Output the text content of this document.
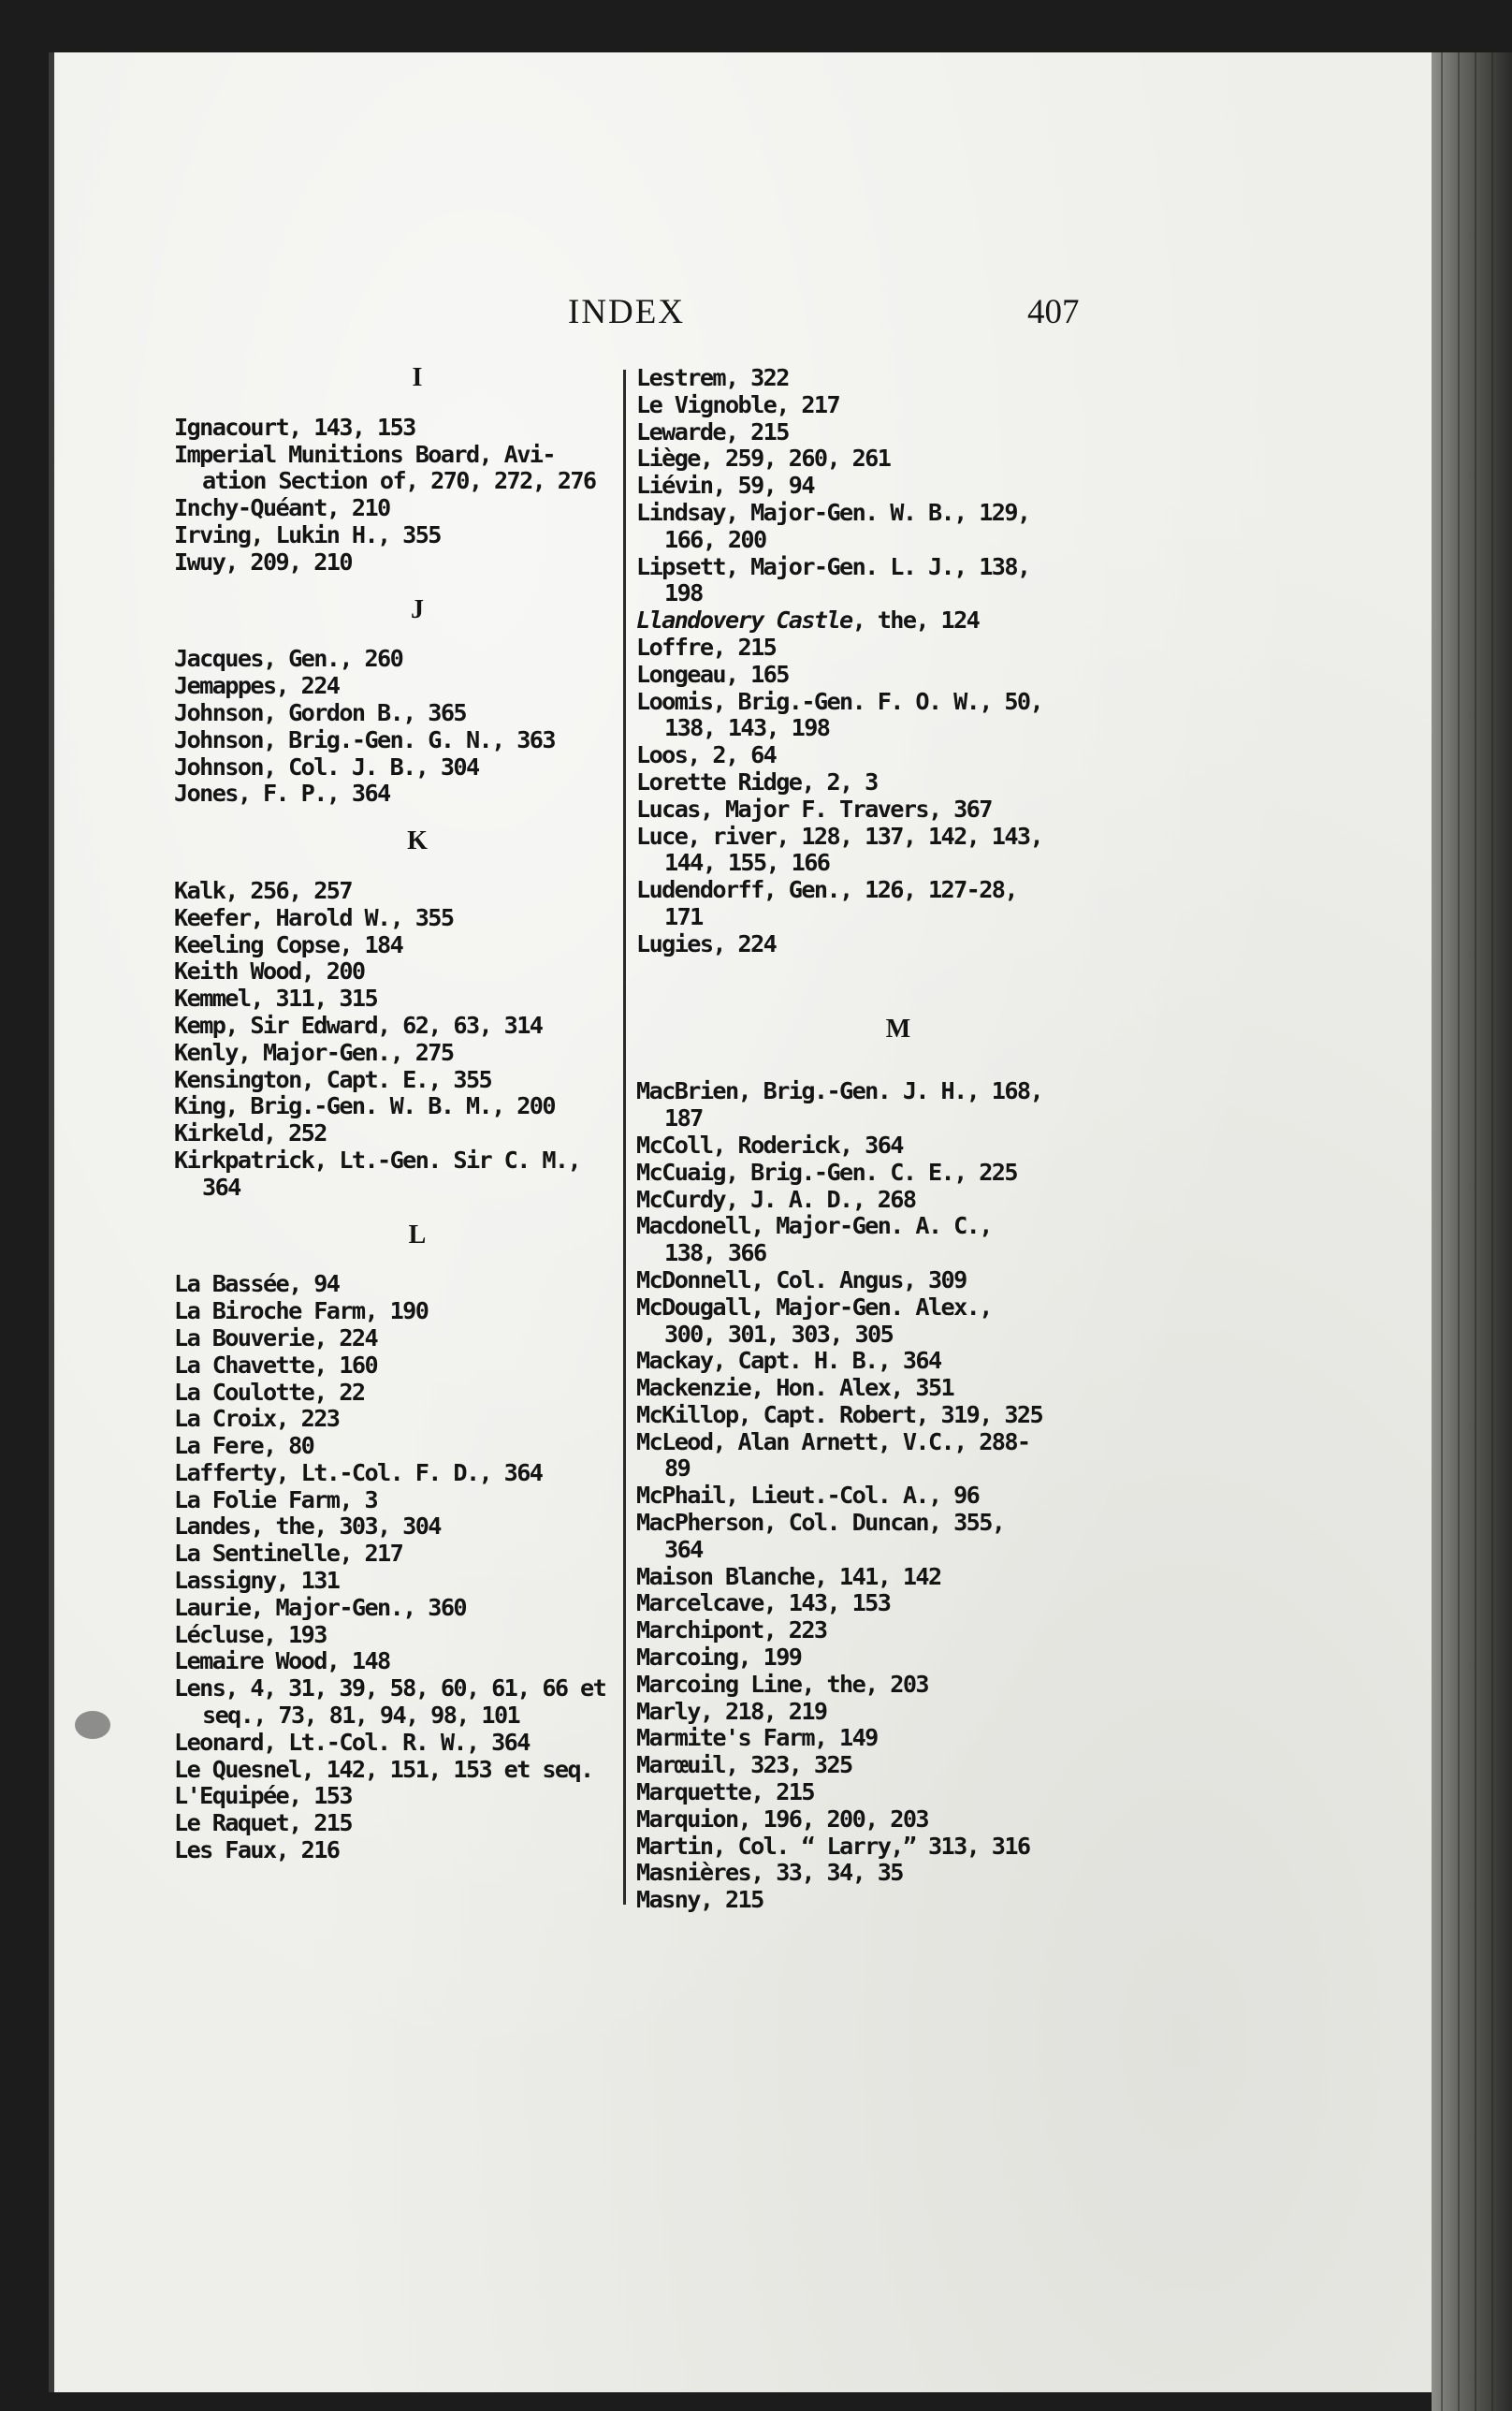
INDEX	407
I
Ignacourt, 143, 153
Imperial Munitions Board, Avi-
ation Section of, 270, 272, 276
Inchy-Quéant, 210
Irving, Lukin H., 355
Iwuy, 209, 210
J
Jacques, Gen., 260
Jemappes, 224
Johnson, Gordon B., 365
Johnson, Brig.-Gen. G. N., 363
Johnson, Col. J. B., 304
Jones, F. P., 364
K
Kalk, 256, 257
Keefer, Harold W., 355
Keeling Copse, 184
Keith Wood, 200
Kemmel, 311, 315
Kemp, Sir Edward, 62, 63, 314
Kenly, Major-Gen., 275
Kensington, Capt. E., 355
King, Brig.-Gen. W. B. M., 200
Kirkeld, 252
Kirkpatrick, Lt.-Gen. Sir C. M.,
364
L
La Bassée, 94
La Biroche Farm, 190
La Bouverie, 224
La Chavette, 160
La Coulotte, 22
La Croix, 223
La Fere, 80
Lafferty, Lt.-Col. F. D., 364
La Folie Farm, 3
Landes, the, 303, 304
La Sentinelle, 217
Lassigny, 131
Laurie, Major-Gen., 360
Lécluse, 193
Lemaire Wood, 148
Lens, 4, 31, 39, 58, 60, 61, 66 et
seq., 73, 81, 94, 98, 101
Leonard, Lt.-Col. R. W., 364
Le Quesnel, 142, 151, 153 et seq.
L'Equipée, 153
Le Raquet, 215
Les Faux, 216
Lestrem, 322
Le Vignoble, 217
Lewarde, 215
Liège, 259, 260, 261
Liévin, 59, 94
Lindsay, Major-Gen. W. B., 129,
166, 200
Lipsett, Major-Gen. L. J., 138,
198
Llandovery Castle, the, 124
Loffre, 215
Longeau, 165
Loomis, Brig.-Gen. F. O. W., 50,
138, 143, 198
Loos, 2, 64
Lorette Ridge, 2, 3
Lucas, Major F. Travers, 367
Luce, river, 128, 137, 142, 143,
144, 155, 166
Ludendorff, Gen., 126, 127-28,
171
Lugies, 224
M
MacBrien, Brig.-Gen. J. H., 168,
187
McColl, Roderick, 364
McCuaig, Brig.-Gen. C. E., 225
McCurdy, J. A. D., 268
Macdonell, Major-Gen. A. C.,
138, 366
McDonnell, Col. Angus, 309
McDougall, Major-Gen. Alex.,
300, 301, 303, 305
Mackay, Capt. H. B., 364
Mackenzie, Hon. Alex, 351
McKillop, Capt. Robert, 319, 325
McLeod, Alan Arnett, V.C., 288-
89
McPhail, Lieut.-Col. A., 96
MacPherson, Col. Duncan, 355,
364
Maison Blanche, 141, 142
Marcelcave, 143, 153
Marchipont, 223
Marcoing, 199
Marcoing Line, the, 203
Marly, 218, 219
Marmite's Farm, 149
Marœuil, 323, 325
Marquette, 215
Marquion, 196, 200, 203
Martin, Col. “ Larry,” 313, 316
Masnières, 33, 34, 35
Masny, 215
